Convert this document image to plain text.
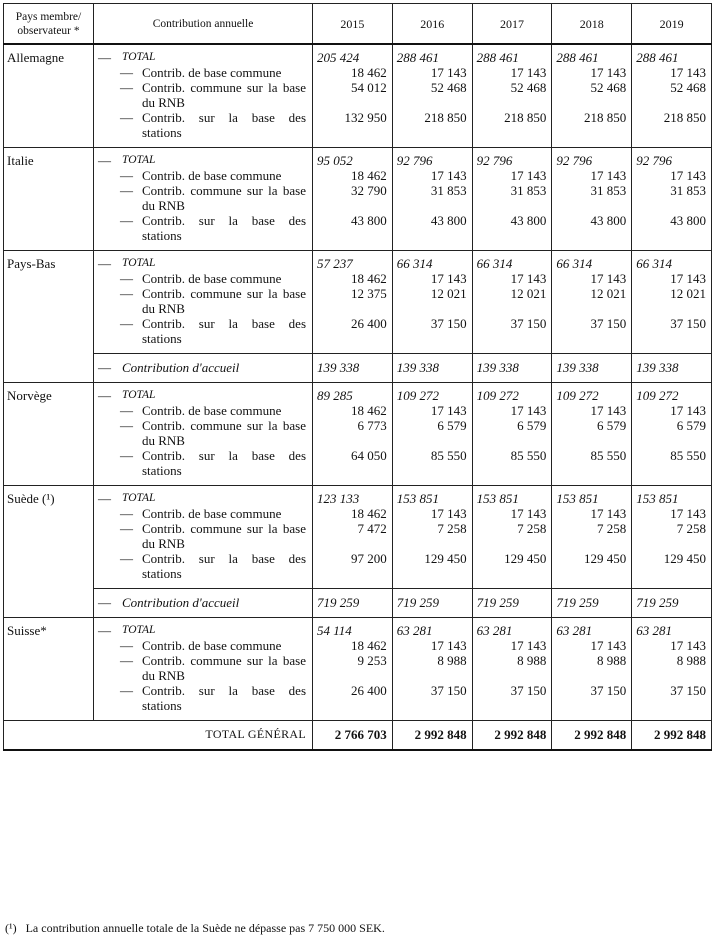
Pays membre/ observateur *	Contribution annuelle	2015	2016	2017	2018	2019
Allemagne	— TOTAL	205 424	288 461	288 461	288 461	288 461

	— Contrib. de base commune	18 462	17 143	17 143	17 143	17 143

	— Contrib. commune sur la base du RNB	54 012	52 468	52 468	52 468	52 468

	— Contrib. sur la base des stations	132 950	218 850	218 850	218 850	218 850
Italie	— TOTAL	95 052	92 796	92 796	92 796	92 796

	— Contrib. de base commune	18 462	17 143	17 143	17 143	17 143

	— Contrib. commune sur la base du RNB	32 790	31 853	31 853	31 853	31 853

	— Contrib. sur la base des stations	43 800	43 800	43 800	43 800	43 800
Pays-Bas	— TOTAL	57 237	66 314	66 314	66 314	66 314

	— Contrib. de base commune	18 462	17 143	17 143	17 143	17 143

	— Contrib. commune sur la base du RNB	12 375	12 021	12 021	12 021	12 021

	— Contrib. sur la base des stations	26 400	37 150	37 150	37 150	37 150

	— Contribution d'accueil	139 338	139 338	139 338	139 338	139 338
Norvège	— TOTAL	89 285	109 272	109 272	109 272	109 272

	— Contrib. de base commune	18 462	17 143	17 143	17 143	17 143

	— Contrib. commune sur la base du RNB	6 773	6 579	6 579	6 579	6 579

	— Contrib. sur la base des stations	64 050	85 550	85 550	85 550	85 550
Suède (¹)	— TOTAL	123 133	153 851	153 851	153 851	153 851

	— Contrib. de base commune	18 462	17 143	17 143	17 143	17 143

	— Contrib. commune sur la base du RNB	7 472	7 258	7 258	7 258	7 258

	— Contrib. sur la base des stations	97 200	129 450	129 450	129 450	129 450

	— Contribution d'accueil	719 259	719 259	719 259	719 259	719 259
Suisse*	— TOTAL	54 114	63 281	63 281	63 281	63 281

	— Contrib. de base commune	18 462	17 143	17 143	17 143	17 143

	— Contrib. commune sur la base du RNB	9 253	8 988	8 988	8 988	8 988

	— Contrib. sur la base des stations	26 400	37 150	37 150	37 150	37 150
TOTAL GÉNÉRAL		2 766 703	2 992 848	2 992 848	2 992 848	2 992 848
(¹) La contribution annuelle totale de la Suède ne dépasse pas 7 750 000 SEK.
